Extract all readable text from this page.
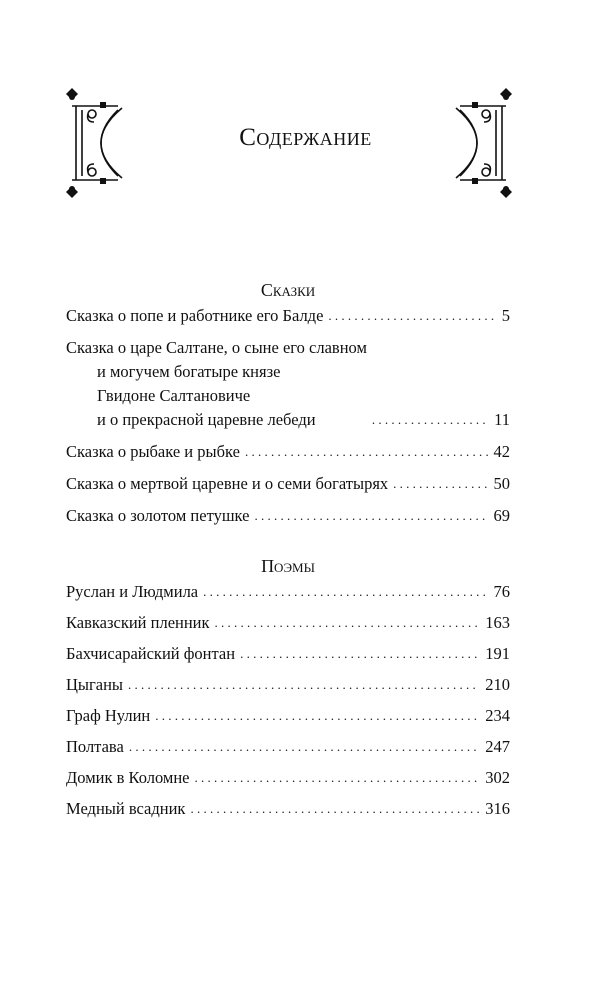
Содержание
Сказки
Сказка о попе и работнике его Балде . . .	5
Сказка о царе Салтане, о сыне его славном
и могучем богатыре князе
Гвидоне Салтановиче
и о прекрасной царевне лебеди . . .	11
Сказка о рыбаке и рыбке . . .	42
Сказка о мертвой царевне и о семи богатырях . . .	50
Сказка о золотом петушке . . .	69
Поэмы
Руслан и Людмила . . .	76
Кавказский пленник . . .	163
Бахчисарайский фонтан . . .	191
Цыганы . . .	210
Граф Нулин . . .	234
Полтава . . .	247
Домик в Коломне . . .	302
Медный всадник . . .	316
